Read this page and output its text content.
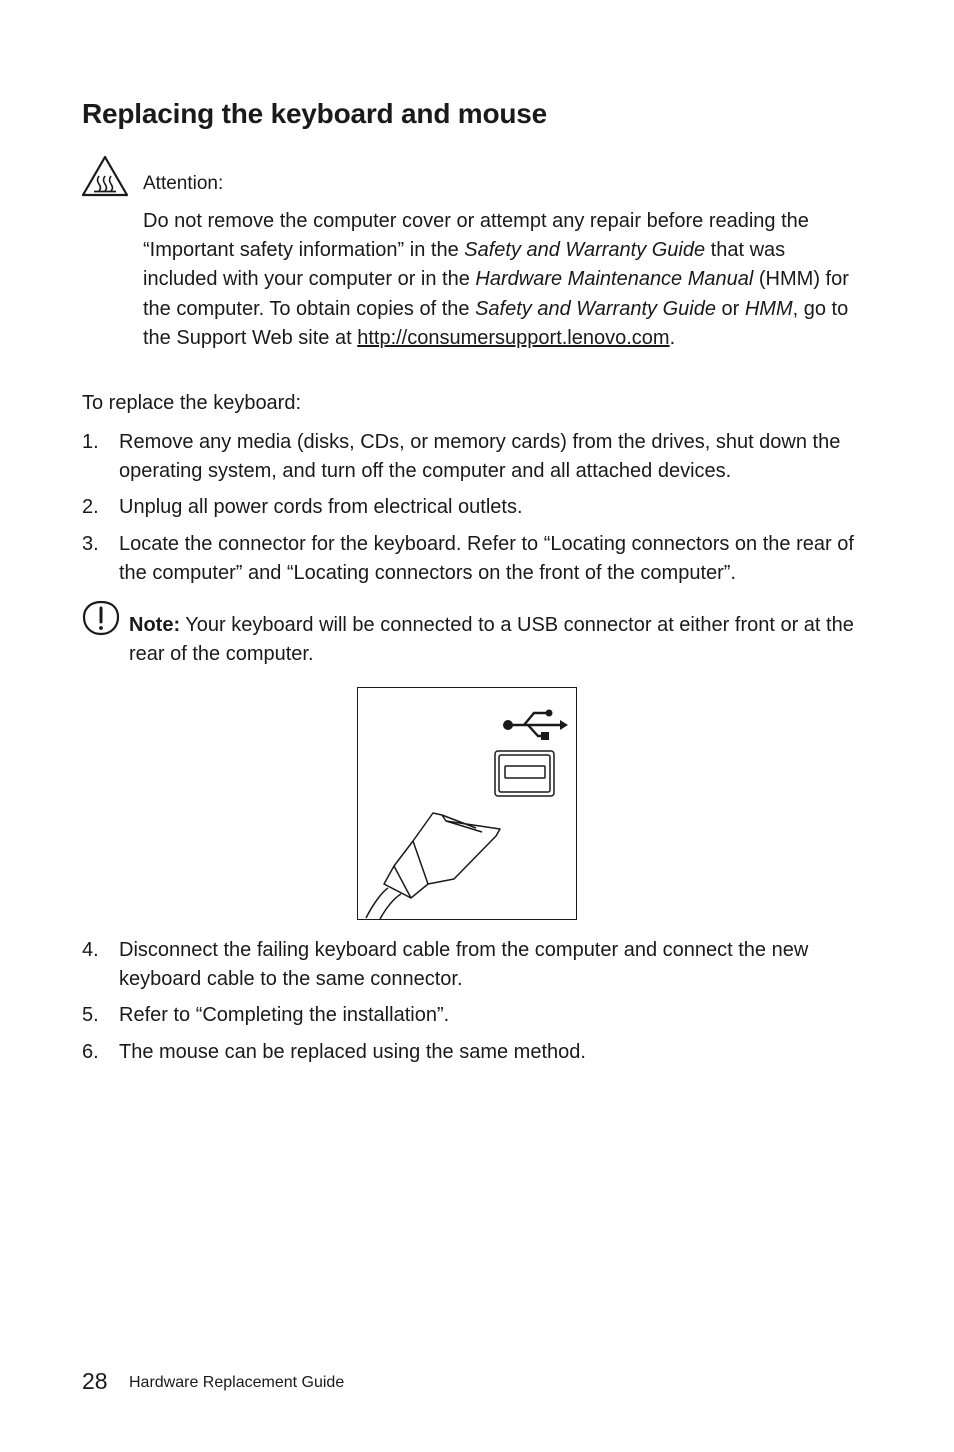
Replacing the keyboard and mouse
Attention:

Do not remove the computer cover or attempt any repair before reading the “Important safety information” in the Safety and Warranty Guide that was included with your computer or in the Hardware Maintenance Manual (HMM) for the computer. To obtain copies of the Safety and Warranty Guide or HMM, go to the Support Web site at http://consumersupport.lenovo.com.

To replace the keyboard:
1. Remove any media (disks, CDs, or memory cards) from the drives, shut down the operating system, and turn off the computer and all attached devices.
2. Unplug all power cords from electrical outlets.
3. Locate the connector for the keyboard. Refer to “Locating connectors on the rear of the computer” and “Locating connectors on the front of the computer”.
Note: Your keyboard will be connected to a USB connector at either front or at the rear of the computer.
4. Disconnect the failing keyboard cable from the computer and connect the new keyboard cable to the same connector.
5. Refer to “Completing the installation”.
6. The mouse can be replaced using the same method.
28 Hardware Replacement Guide
